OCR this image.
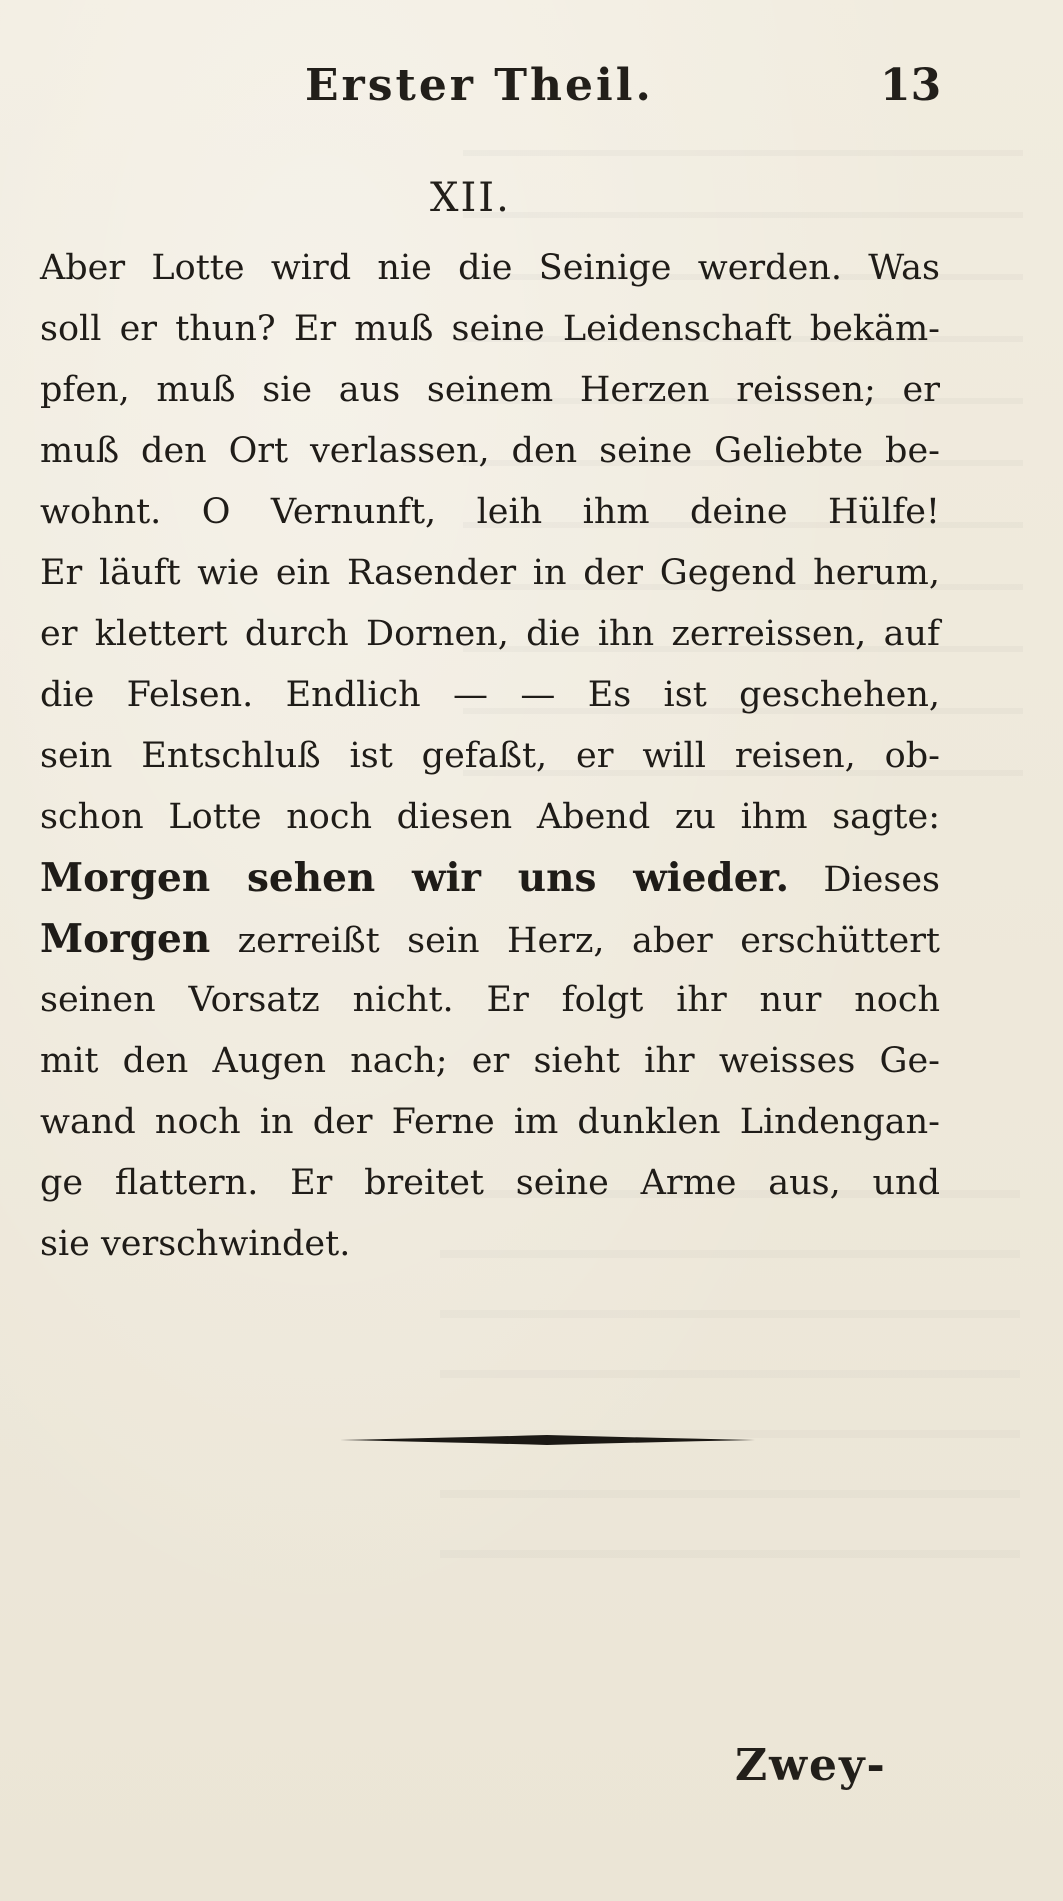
Erster Theil.	13
XII.
Aber Lotte wird nie die Seinige werden. Was
soll er thun? Er muß seine Leidenschaft bekäm-
pfen, muß sie aus seinem Herzen reissen; er
muß den Ort verlassen, den seine Geliebte be-
wohnt. O Vernunft, leih ihm deine Hülfe!
Er läuft wie ein Rasender in der Gegend herum,
er klettert durch Dornen, die ihn zerreissen, auf
die Felsen. Endlich — — Es ist geschehen,
sein Entschluß ist gefaßt, er will reisen, ob-
schon Lotte noch diesen Abend zu ihm sagte:
Morgen sehen wir uns wieder. Dieses
Morgen zerreißt sein Herz, aber erschüttert
seinen Vorsatz nicht. Er folgt ihr nur noch
mit den Augen nach; er sieht ihr weisses Ge-
wand noch in der Ferne im dunklen Lindengan-
ge flattern. Er breitet seine Arme aus, und
sie verschwindet.
Zwey-
